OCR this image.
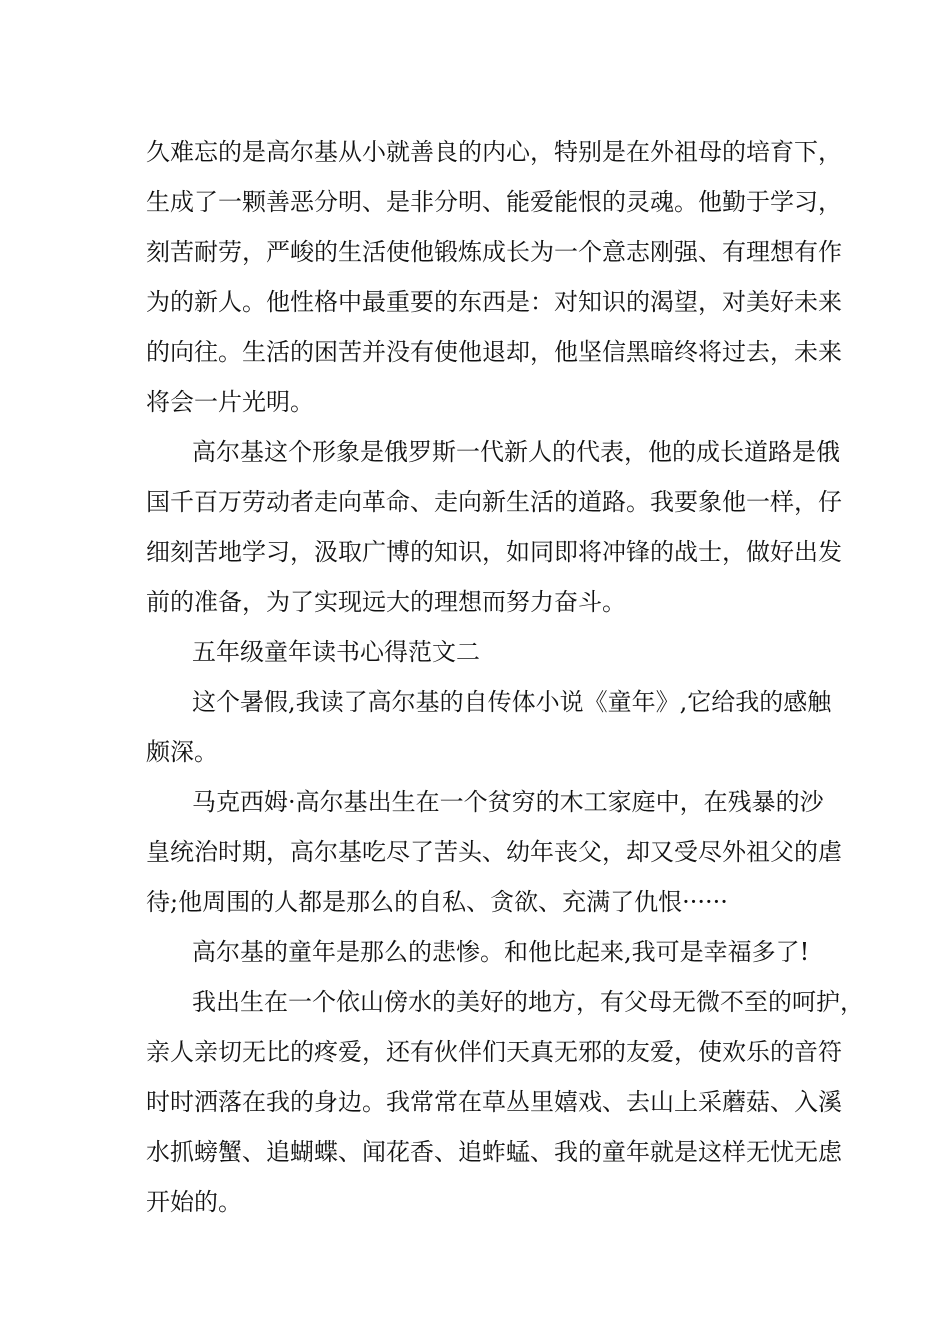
久难忘的是高尔基从小就善良的内心，特别是在外祖母的培育下，
生成了一颗善恶分明、是非分明、能爱能恨的灵魂。他勤于学习，
刻苦耐劳，严峻的生活使他锻炼成长为一个意志刚强、有理想有作
为的新人。他性格中最重要的东西是：对知识的渴望，对美好未来
的向往。生活的困苦并没有使他退却，他坚信黑暗终将过去，未来
将会一片光明。
高尔基这个形象是俄罗斯一代新人的代表，他的成长道路是俄
国千百万劳动者走向革命、走向新生活的道路。我要象他一样，仔
细刻苦地学习，汲取广博的知识，如同即将冲锋的战士，做好出发
前的准备，为了实现远大的理想而努力奋斗。
五年级童年读书心得范文二
这个暑假,我读了高尔基的自传体小说《童年》,它给我的感触
颇深。
马克西姆·高尔基出生在一个贫穷的木工家庭中，在残暴的沙
皇统治时期，高尔基吃尽了苦头、幼年丧父，却又受尽外祖父的虐
待;他周围的人都是那么的自私、贪欲、充满了仇恨······
高尔基的童年是那么的悲惨。和他比起来,我可是幸福多了!
我出生在一个依山傍水的美好的地方，有父母无微不至的呵护，
亲人亲切无比的疼爱，还有伙伴们天真无邪的友爱，使欢乐的音符
时时洒落在我的身边。我常常在草丛里嬉戏、去山上采蘑菇、入溪
水抓螃蟹、追蝴蝶、闻花香、追蚱蜢、我的童年就是这样无忧无虑
开始的。
